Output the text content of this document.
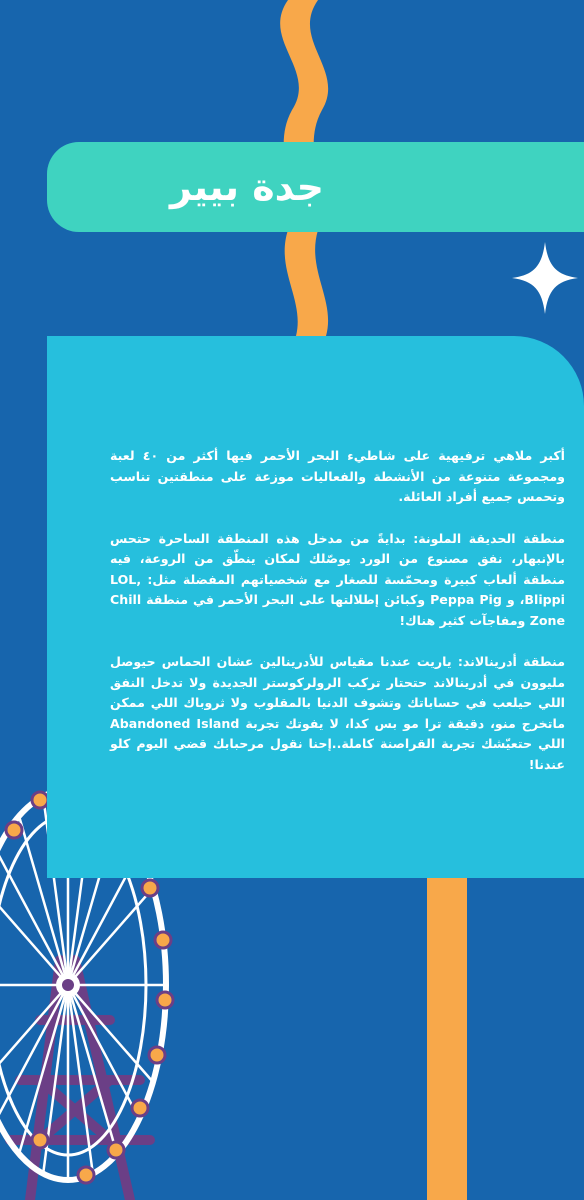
جدة بيير

أكبر ملاهي ترفيهية على شاطيء البحر الأحمر فيها أكثر من ٤٠ لعبة ومجموعة متنوعة من الأنشطة والفعاليات موزعة على منطقتين تناسب وتحمس جميع أفراد العائلة.

منطقة الحديقة الملونة: بدايةً من مدخل هذه المنطقة الساحرة حتحس بالإنبهار، نفق مصنوع من الورد يوصّلك لمكان ينطّق من الروعة، فيه منطقة ألعاب كبيرة ومحمّسة للصغار مع شخصياتهم المفضلة مثل: ,LOL Blippi، و Peppa Pig وكبائن إطلالتها على البحر الأحمر في منطقة Chill Zone ومفاجآت كثير هناك!

منطقة أدرينالاند: ياريت عندنا مقياس للأدرينالين عشان الحماس حيوصل مليوون في أدرينالاند حتحتار تركب الرولركوستر الجديدة ولا تدخل النفق اللي حيلعب في حساباتك وتشوف الدنيا بالمقلوب ولا ثروباك اللي ممكن ماتخرج منو، دقيقة ترا مو بس كدا، لا يفوتك تجربة Abandoned Island اللي حتعيّشك تجربة القراصنة كاملة..إحنا نقول مرحبابك قضي اليوم كلو عندنا!
